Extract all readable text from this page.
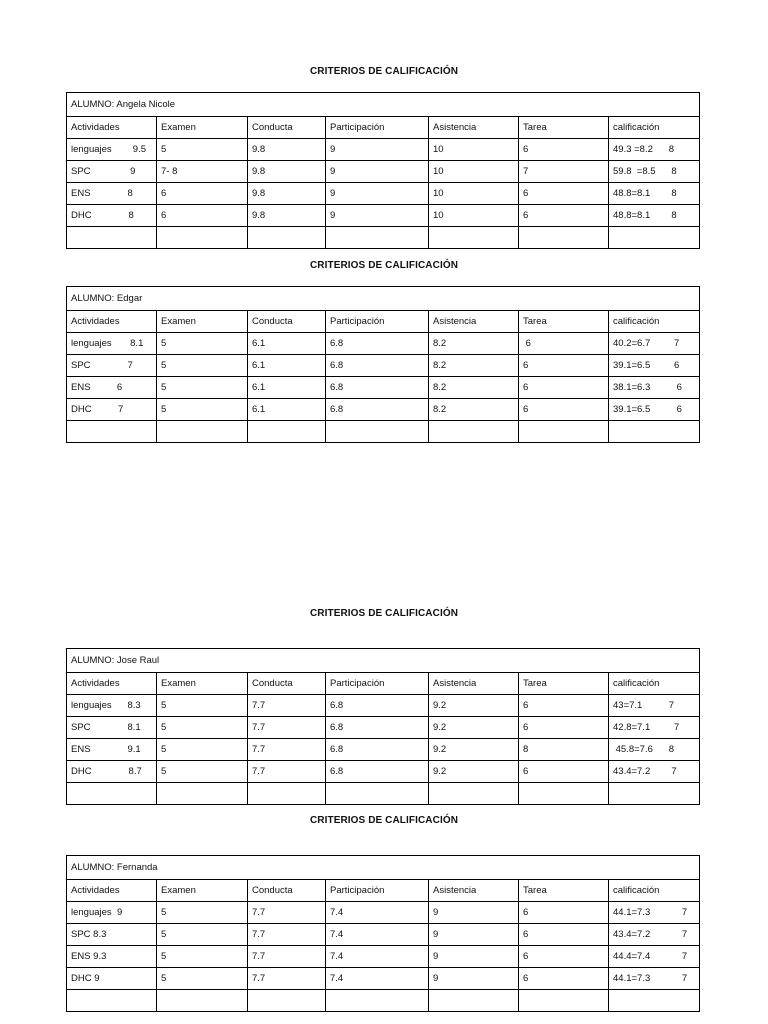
CRITERIOS DE CALIFICACIÓN
ALUMNO: Angela Nicole						
Actividades	Examen	Conducta	Participación	Asistencia	Tarea	calificación
lenguajes        9.5	5	9.8	9	10	6	49.3 =8.2      8
SPC               9	7- 8	9.8	9	10	7	59.8  =8.5      8
ENS              8	6	9.8	9	10	6	48.8=8.1        8
DHC              8	6	9.8	9	10	6	48.8=8.1        8

CRITERIOS DE CALIFICACIÓN
ALUMNO: Edgar						
Actividades	Examen	Conducta	Participación	Asistencia	Tarea	calificación
lenguajes       8.1	5	6.1	6.8	8.2	6	40.2=6.7         7
SPC              7	5	6.1	6.8	8.2	6	39.1=6.5         6
ENS          6	5	6.1	6.8	8.2	6	38.1=6.3          6
DHC          7	5	6.1	6.8	8.2	6	39.1=6.5          6

CRITERIOS DE CALIFICACIÓN
ALUMNO: Jose Raul						
Actividades	Examen	Conducta	Participación	Asistencia	Tarea	calificación
lenguajes      8.3	5	7.7	6.8	9.2	6	43=7.1          7
SPC              8.1	5	7.7	6.8	9.2	6	42.8=7.1         7
ENS              9.1	5	7.7	6.8	9.2	8	45.8=7.6      8
DHC              8.7	5	7.7	6.8	9.2	6	43.4=7.2        7

CRITERIOS DE CALIFICACIÓN
ALUMNO: Fernanda						
Actividades	Examen	Conducta	Participación	Asistencia	Tarea	calificación
lenguajes  9	5	7.7	7.4	9	6	44.1=7.3            7
SPC 8.3	5	7.7	7.4	9	6	43.4=7.2            7
ENS 9.3	5	7.7	7.4	9	6	44.4=7.4            7
DHC 9	5	7.7	7.4	9	6	44.1=7.3            7
